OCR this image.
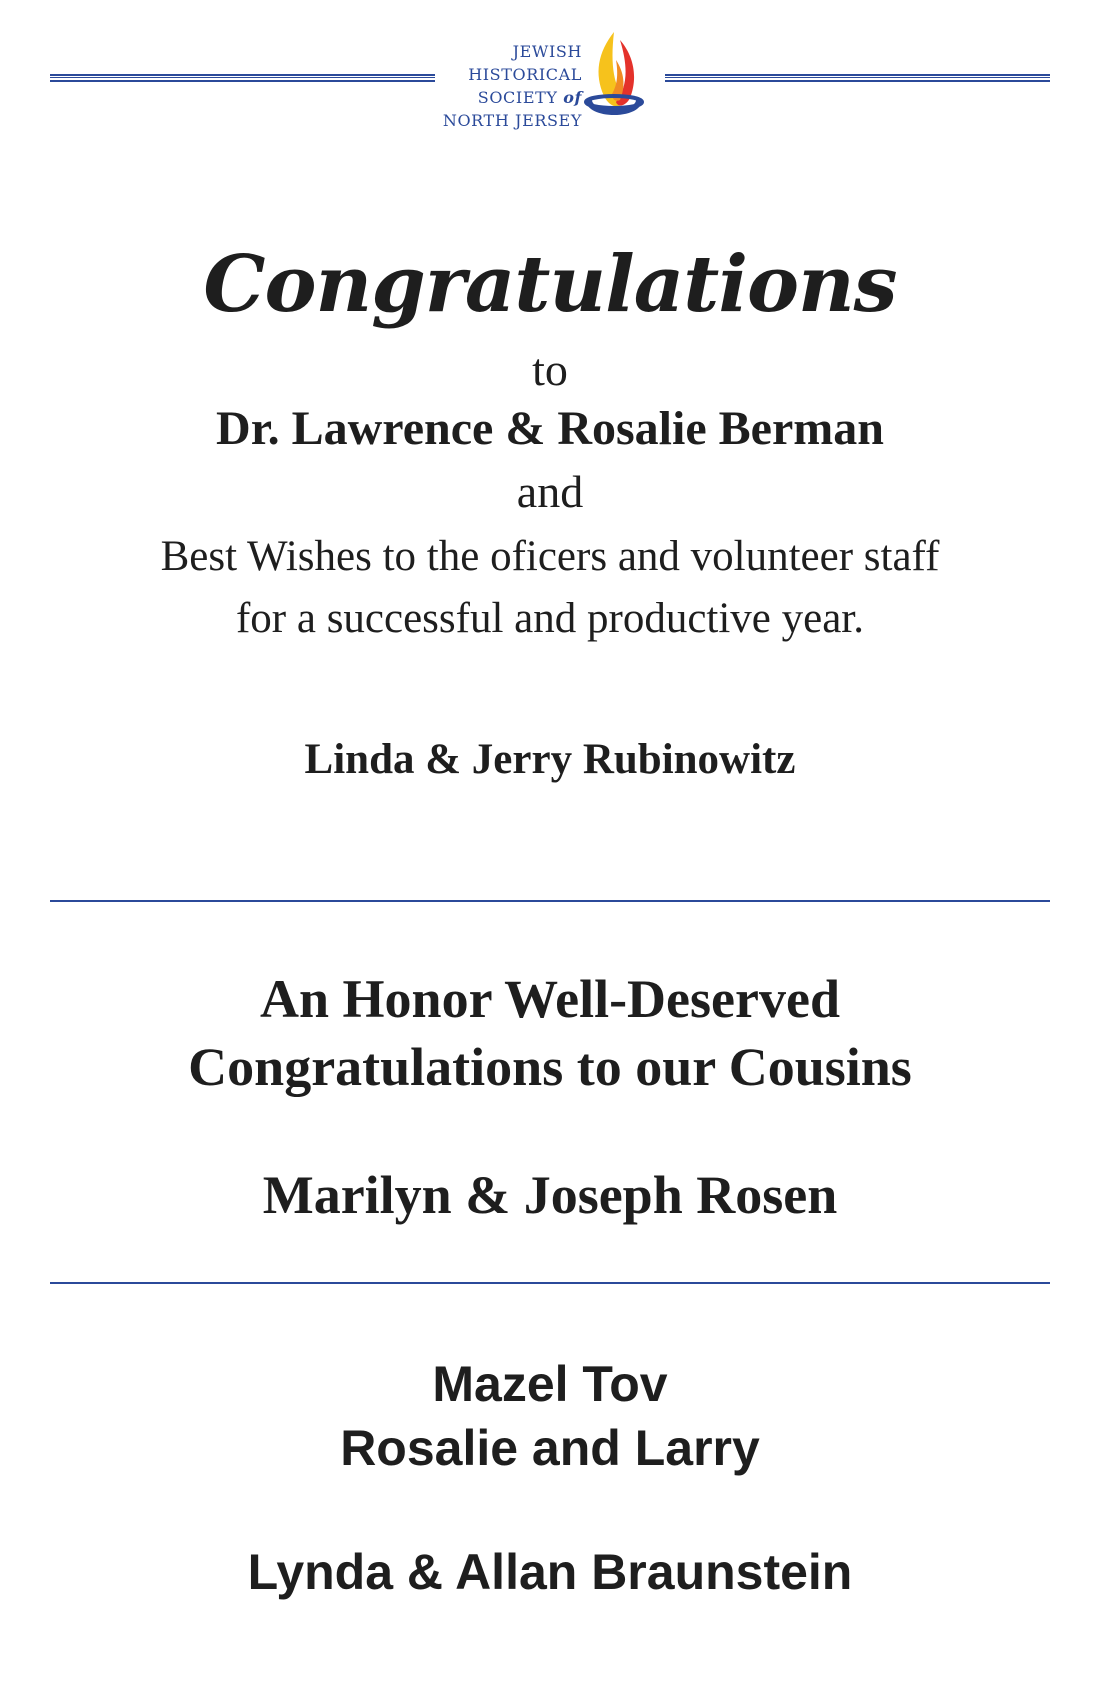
JEWISH
HISTORICAL
SOCIETY of
NORTH JERSEY
Congratulations
to
Dr. Lawrence & Rosalie Berman
and
Best Wishes to the oficers and volunteer staff
for a successful and productive year.
Linda & Jerry Rubinowitz
An Honor Well-Deserved
Congratulations to our Cousins
Marilyn & Joseph Rosen
Mazel Tov
Rosalie and Larry
Lynda & Allan Braunstein
